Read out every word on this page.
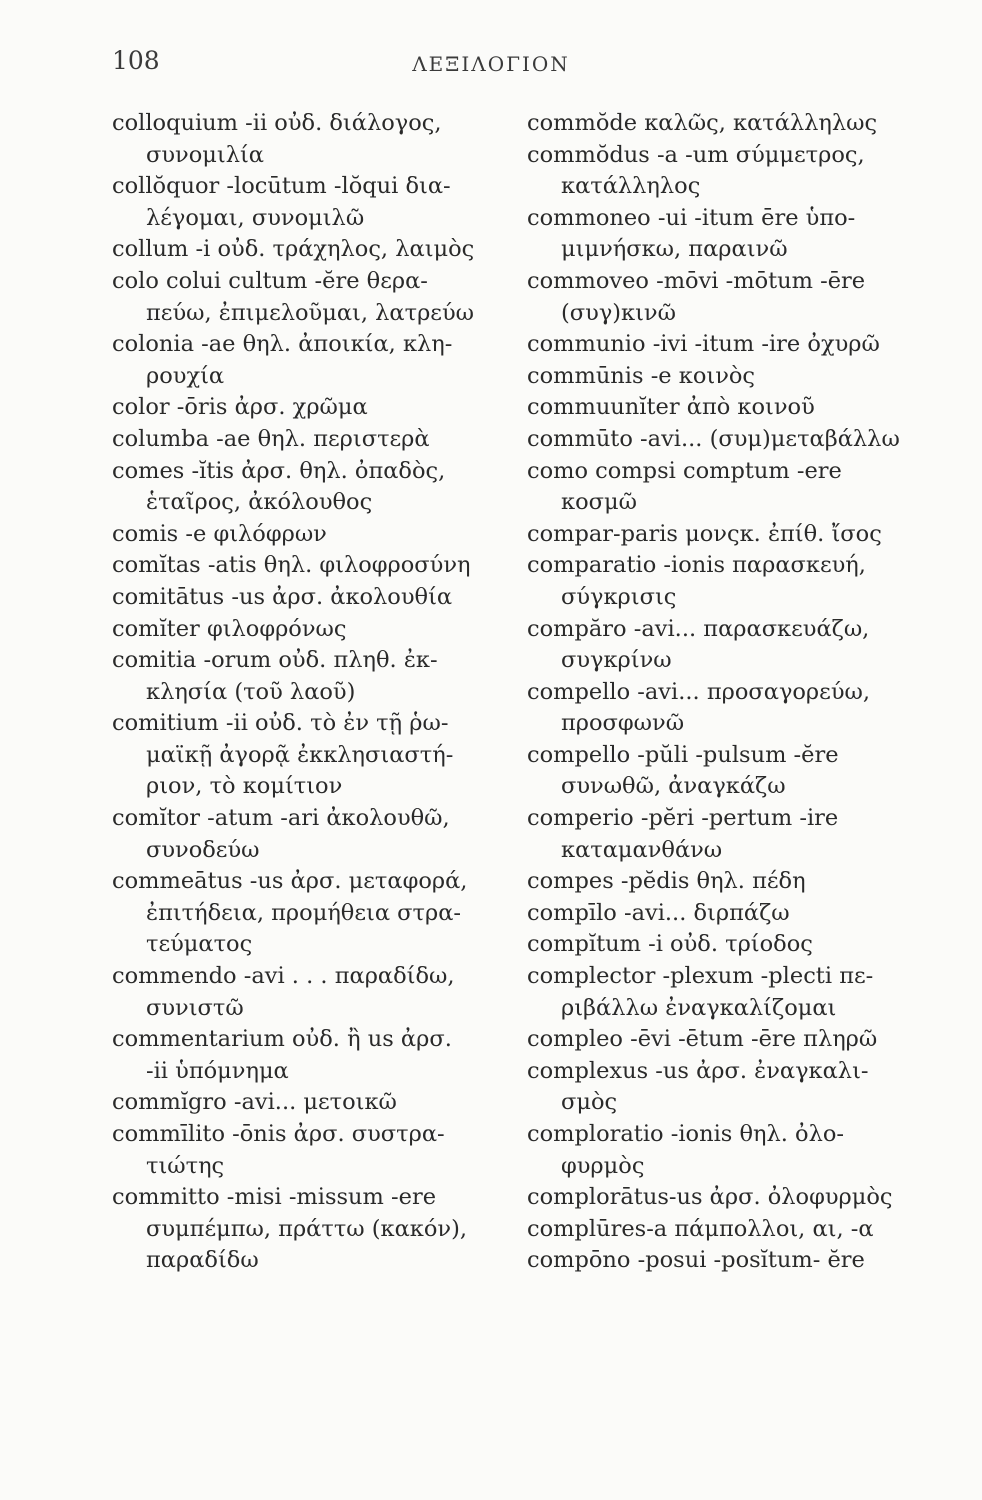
108	ΛΕΞΙΛΟΓΙΟΝ
colloquium -ii οὐδ. διάλογος,
συνομιλία
collŏquor -locūtum -lŏqui δια-
λέγομαι, συνομιλῶ
collum -i οὐδ. τράχηλος, λαιμὸς
colo colui cultum -ĕre θερα-
πεύω, ἐπιμελοῦμαι, λατρεύω
colonia -ae θηλ. ἀποικία, κλη-
ρουχία
color -ōris ἀρσ. χρῶμα
columba -ae θηλ. περιστερὰ
comes -ĭtis ἀρσ. θηλ. ὀπαδὸς,
ἑταῖρος, ἀκόλουθος
comis -e φιλόφρων
comĭtas -atis θηλ. φιλοφροσύνη
comitātus -us ἀρσ. ἀκολουθία
comĭter φιλοφρόνως
comitia -orum οὐδ. πληθ. ἐκ-
κλησία (τοῦ λαοῦ)
comitium -ii οὐδ. τὸ ἐν τῇ ῥω-
μαϊκῇ ἀγορᾷ ἐκκλησιαστή-
ριον, τὸ κομίτιον
comĭtor -atum -ari ἀκολουθῶ,
συνοδεύω
commeātus -us ἀρσ. μεταφορά,
ἐπιτήδεια, προμήθεια στρα-
τεύματος
commendo -avi . . . παραδίδω,
συνιστῶ
commentarium οὐδ. ἢ us ἀρσ.
-ii ὑπόμνημα
commĭgro -avi... μετοικῶ
commīlito -ōnis ἀρσ. συστρα-
τιώτης
committo -misi -missum -ere
συμπέμπω, πράττω (κακόν),
παραδίδω
commŏde καλῶς, κατάλληλως
commŏdus -a -um σύμμετρος,
κατάλληλος
commoneo -ui -itum ēre ὑπο-
μιμνήσκω, παραινῶ
commoveo -mōvi -mōtum -ēre
(συγ)κινῶ
communio -ivi -itum -ire ὀχυρῶ
commūnis -e κοινὸς
commuunĭter ἀπὸ κοινοῦ
commūto -avi... (συμ)μεταβάλλω
como compsi comptum -ere
κοσμῶ
compar-paris μονςκ. ἐπίθ. ἴσος
comparatio -ionis παρασκευή,
σύγκρισις
compăro -avi... παρασκευάζω,
συγκρίνω
compello -avi... προσαγορεύω,
προσφωνῶ
compello -pŭli -pulsum -ĕre
συνωθῶ, ἀναγκάζω
comperio -pĕri -pertum -ire
καταμανθάνω
compes -pĕdis θηλ. πέδη
compīlo -avi... διρπάζω
compĭtum -i οὐδ. τρίοδος
complector -plexum -plecti πε-
ριβάλλω ἐναγκαλίζομαι
compleo -ēvi -ētum -ēre πληρῶ
complexus -us ἀρσ. ἐναγκαλι-
σμὸς
comploratio -ionis θηλ. ὀλο-
φυρμὸς
complorātus-us ἀρσ. ὀλοφυρμὸς
complūres-a πάμπολλοι, αι, -α
compōno -posui -posĭtum- ĕre
